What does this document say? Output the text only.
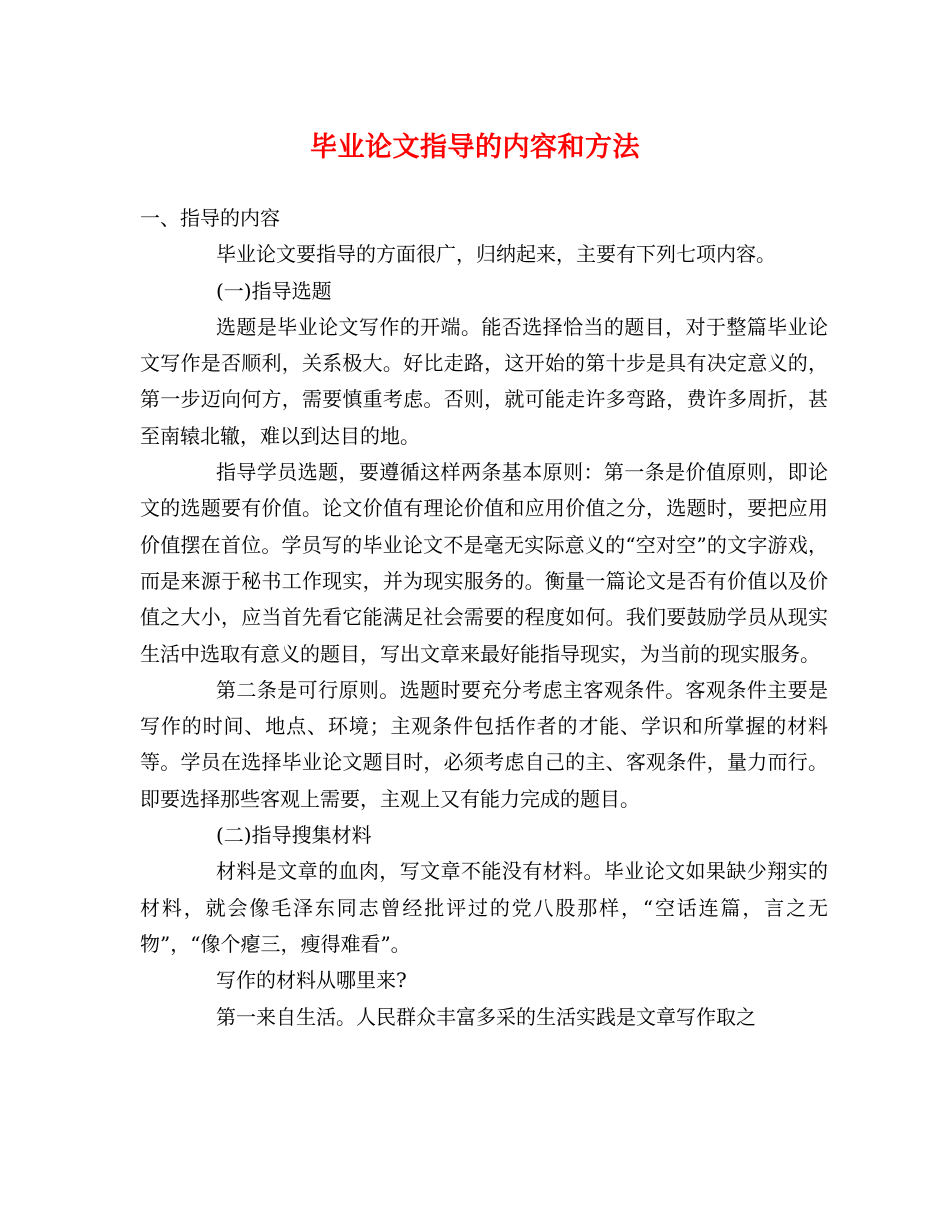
毕业论文指导的内容和方法

一、指导的内容

毕业论文要指导的方面很广，归纳起来，主要有下列七项内容。

(一)指导选题

选题是毕业论文写作的开端。能否选择恰当的题目，对于整篇毕业论文写作是否顺利，关系极大。好比走路，这开始的第十步是具有决定意义的，第一步迈向何方，需要慎重考虑。否则，就可能走许多弯路，费许多周折，甚至南辕北辙，难以到达目的地。

指导学员选题，要遵循这样两条基本原则：第一条是价值原则，即论文的选题要有价值。论文价值有理论价值和应用价值之分，选题时，要把应用价值摆在首位。学员写的毕业论文不是毫无实际意义的“空对空”的文字游戏，而是来源于秘书工作现实，并为现实服务的。衡量一篇论文是否有价值以及价值之大小，应当首先看它能满足社会需要的程度如何。我们要鼓励学员从现实生活中选取有意义的题目，写出文章来最好能指导现实，为当前的现实服务。

第二条是可行原则。选题时要充分考虑主客观条件。客观条件主要是写作的时间、地点、环境；主观条件包括作者的才能、学识和所掌握的材料等。学员在选择毕业论文题目时，必须考虑自己的主、客观条件，量力而行。即要选择那些客观上需要，主观上又有能力完成的题目。

(二)指导搜集材料

材料是文章的血肉，写文章不能没有材料。毕业论文如果缺少翔实的材料，就会像毛泽东同志曾经批评过的党八股那样，“空话连篇，言之无物”，“像个瘪三，瘦得难看”。

写作的材料从哪里来?

第一来自生活。人民群众丰富多采的生活实践是文章写作取之
